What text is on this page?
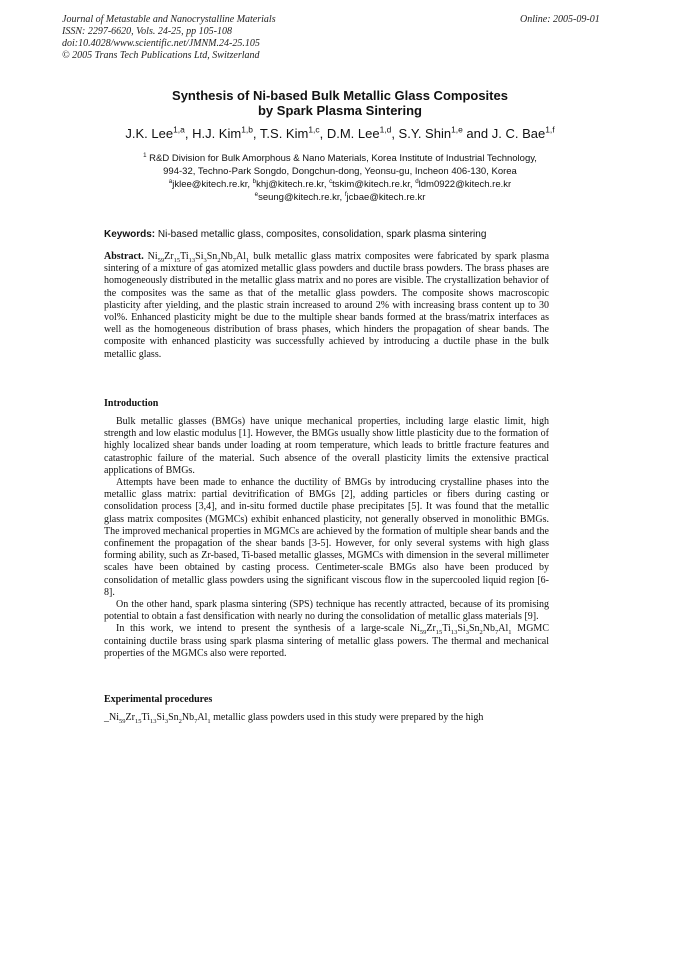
Journal of Metastable and Nanocrystalline Materials
ISSN: 2297-6620, Vols. 24-25, pp 105-108
doi:10.4028/www.scientific.net/JMNM.24-25.105
© 2005 Trans Tech Publications Ltd, Switzerland
Online: 2005-09-01
Synthesis of Ni-based Bulk Metallic Glass Composites
by Spark Plasma Sintering
J.K. Lee$^{1,a}$, H.J. Kim$^{1,b}$, T.S. Kim$^{1,c}$, D.M. Lee$^{1,d}$, S.Y. Shin$^{1,e}$ and J. C. Bae$^{1,f}$
$^1$ R&D Division for Bulk Amorphous & Nano Materials, Korea Institute of Industrial Technology,
994-32, Techno-Park Songdo, Dongchun-dong, Yeonsu-gu, Incheon 406-130, Korea
$^a$jklee@kitech.re.kr, $^b$khj@kitech.re.kr, $^c$tskim@kitech.re.kr, $^d$ldm0922@kitech.re.kr
$^e$seung@kitech.re.kr, $^f$jcbae@kitech.re.kr
Keywords: Ni-based metallic glass, composites, consolidation, spark plasma sintering
Abstract. $Ni_{59}Zr_{15}Ti_{13}Si_3Sn_2Nb_7Al_1$ bulk metallic glass matrix composites were fabricated by spark plasma sintering of a mixture of gas atomized metallic glass powders and ductile brass powders. The brass phases are homogeneously distributed in the metallic glass matrix and no pores are visible. The crystallization behavior of the composites was the same as that of the metallic glass powders. The composite shows macroscopic plasticity after yielding, and the plastic strain increased to around 2% with increasing brass content up to 30 vol%. Enhanced plasticity might be due to the multiple shear bands formed at the brass/matrix interfaces as well as the homogeneous distribution of brass phases, which hinders the propagation of shear bands. The composite with enhanced plasticity was successfully achieved by introducing a ductile phase in the bulk metallic glass.
Introduction

Bulk metallic glasses (BMGs) have unique mechanical properties, including large elastic limit, high strength and low elastic modulus [1]. However, the BMGs usually show little plasticity due to the formation of highly localized shear bands under loading at room temperature, which leads to brittle fracture features and catastrophic failure of the material. Such absence of the overall plasticity limits the extensive practical applications of BMGs.

Attempts have been made to enhance the ductility of BMGs by introducing crystalline phases into the metallic glass matrix: partial devitrification of BMGs [2], adding particles or fibers during casting or consolidation process [3,4], and in-situ formed ductile phase precipitates [5]. It was found that the metallic glass matrix composites (MGMCs) exhibit enhanced plasticity, not generally observed in monolithic BMGs. The improved mechanical properties in MGMCs are achieved by the formation of multiple shear bands and the confinement the propagation of the shear bands [3-5]. However, for only several systems with high glass forming ability, such as Zr-based, Ti-based metallic glasses, MGMCs with dimension in the several millimeter scales have been obtained by casting process. Centimeter-scale BMGs also have been produced by consolidation of metallic glass powders using the significant viscous flow in the supercooled liquid region [6-8].

On the other hand, spark plasma sintering (SPS) technique has recently attracted, because of its promising potential to obtain a fast densification with nearly no during the consolidation of metallic glass materials [9].

In this work, we intend to present the synthesis of a large-scale $Ni_{59}Zr_{15}Ti_{13}Si_3Sn_2Nb_7Al_1$ MGMC containing ductile brass using spark plasma sintering of metallic glass powers. The thermal and mechanical properties of the MGMCs also were reported.

Experimental procedures

$\_Ni_{59}Zr_{15}Ti_{13}Si_3Sn_2Nb_7Al_1$ metallic glass powders used in this study were prepared by the high
